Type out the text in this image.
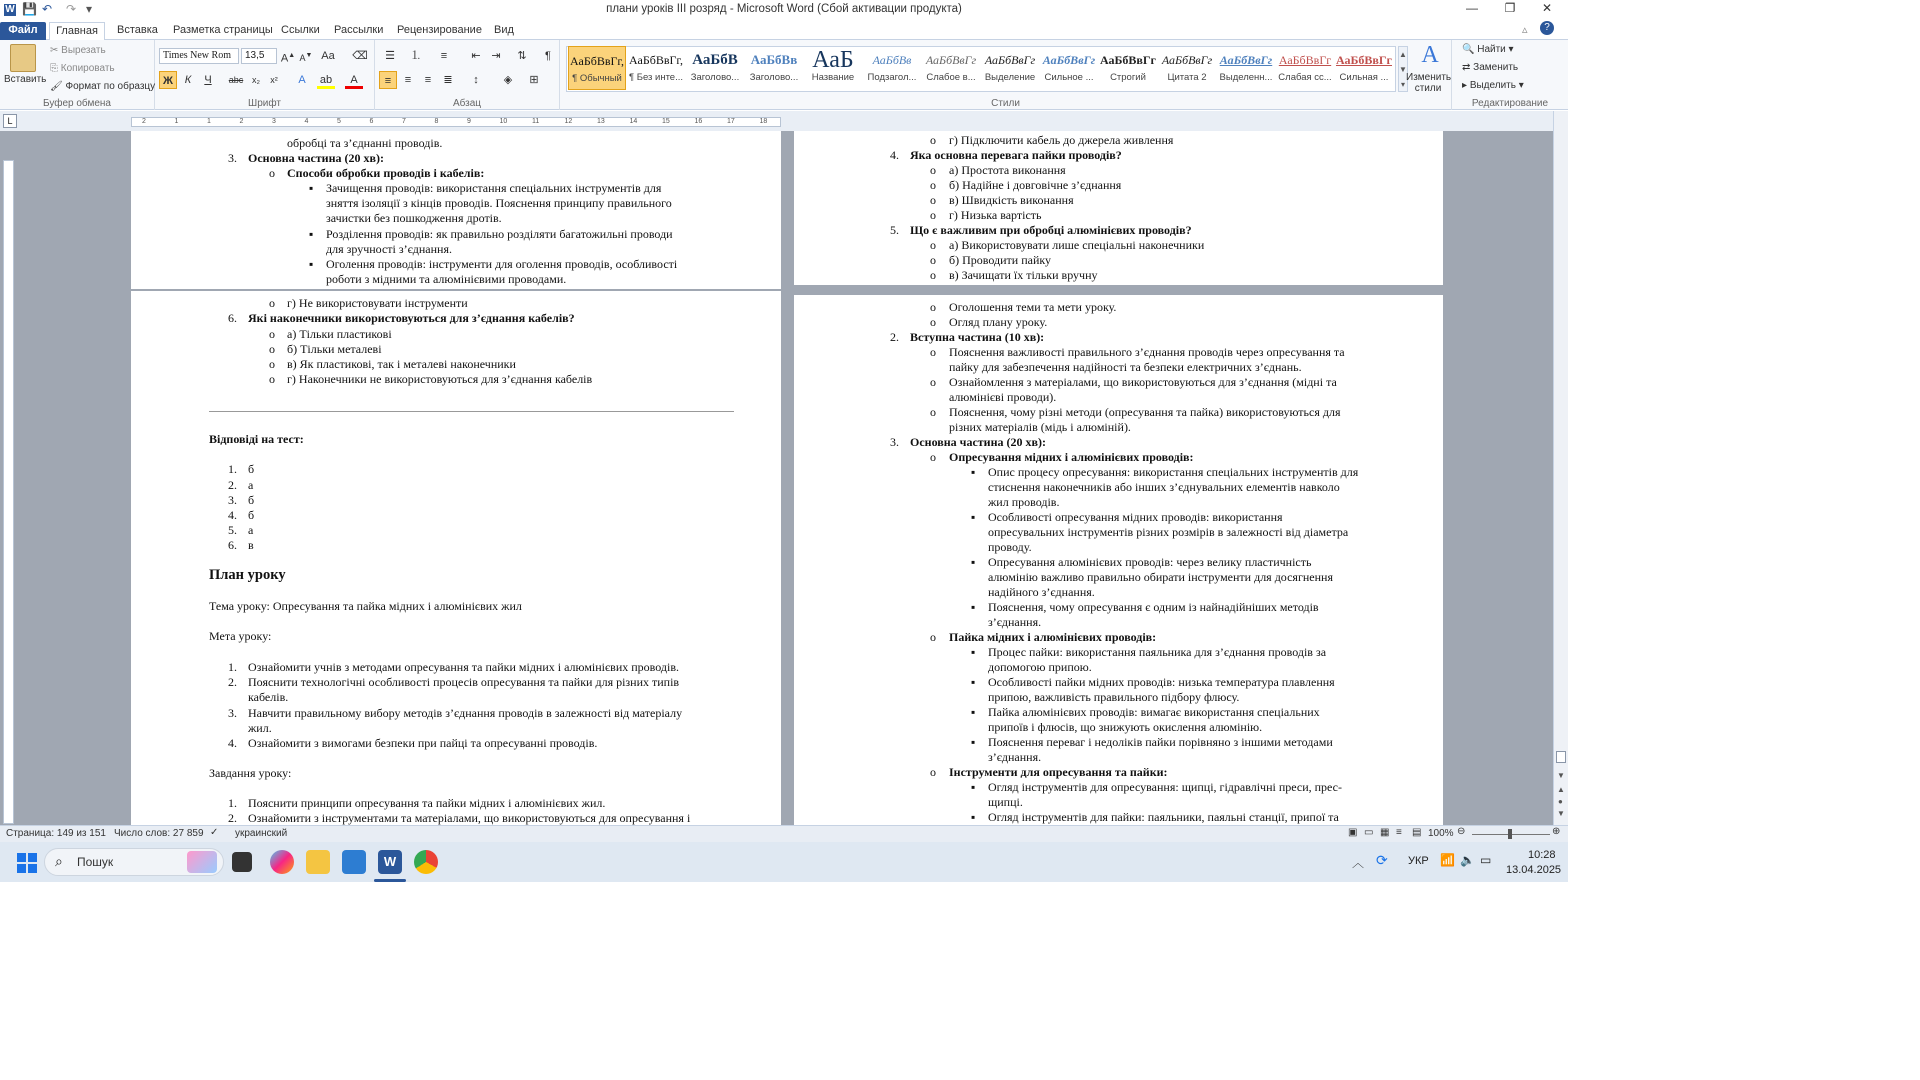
W 💾 ↶ ↷ ▾	плани уроків ІІІ розряд - Microsoft Word (Сбой активации продукта)	—	❐	✕
Файл	Главная	Вставка Разметка страницы Ссылки Рассылки Рецензирование Вид	▵	?
Вставить
✂ Вырезать
⎘ Копировать
🖌 Формат по образцу
Буфер обмена
Times New Rom	13,5	A▲ A▼ Aa ⌫
Ж	К	Ч	abc x₂	x²	A	ab	A
Шрифт
☰	⒈	≡	⇤ ⇥	⇅	¶
≡	≡	≡	≣	↕	◈	⊞
Абзац
АаБбВвГг,
¶ Обычный
АаБбВвГг,
¶ Без инте...
АаБбВ
Заголово...
АаБбВв
Заголово...
АаБ
Название
АаБбВв
Подзагол...
АаБбВвГг
Слабое в...
АаБбВвГг
Выделение
АаБбВвГг
Сильное ...
АаБбВвГг
Строгий
АаБбВвГг
Цитата 2
АаБбВвГг
Выделенн...
АаБбВвГг
Слабая сс...
АаБбВвГг
Сильная ...
▲
▼
▾
A
Изменить стили
Стили
🔍 Найти ▾
⇄ Заменить
▸ Выделить ▾
Редактирование
L	2	1	1	2	3	4	5	6	7	8	9	10	11	12	13	14	15	16	17	18
обробці та з’єднанні проводів.
3. Основна частина (20 хв):
o Способи обробки проводів і кабелів:
▪ Зачищення проводів: використання спеціальних інструментів для
зняття ізоляції з кінців проводів. Пояснення принципу правильного
зачистки без пошкодження дротів.
▪ Розділення проводів: як правильно розділяти багатожильні проводи
для зручності з’єднання.
▪ Оголення проводів: інструменти для оголення проводів, особливості
роботи з мідними та алюмінієвими проводами.
o г) Не використовувати інструменти
6. Які наконечники використовуються для з’єднання кабелів?
o а) Тільки пластикові
o б) Тільки металеві
o в) Як пластикові, так і металеві наконечники
o г) Наконечники не використовуються для з’єднання кабелів
Відповіді на тест:
1. б
2. а
3. б
4. б
5. а
6. в
План уроку
Тема уроку: Опресування та пайка мідних і алюмінієвих жил
Мета уроку:
1. Ознайомити учнів з методами опресування та пайки мідних і алюмінієвих проводів.
2. Пояснити технологічні особливості процесів опресування та пайки для різних типів
кабелів.
3. Навчити правильному вибору методів з’єднання проводів в залежності від матеріалу
жил.
4. Ознайомити з вимогами безпеки при пайці та опресуванні проводів.
Завдання уроку:
1. Пояснити принципи опресування та пайки мідних і алюмінієвих жил.
2. Ознайомити з інструментами та матеріалами, що використовуються для опресування і
o г) Підключити кабель до джерела живлення
4. Яка основна перевага пайки проводів?
o а) Простота виконання
o б) Надійне і довговічне з’єднання
o в) Швидкість виконання
o г) Низька вартість
5. Що є важливим при обробці алюмінієвих проводів?
o а) Використовувати лише спеціальні наконечники
o б) Проводити пайку
o в) Зачищати їх тільки вручну
o Оголошення теми та мети уроку.
o Огляд плану уроку.
2. Вступна частина (10 хв):
o Пояснення важливості правильного з’єднання проводів через опресування та
пайку для забезпечення надійності та безпеки електричних з’єднань.
o Ознайомлення з матеріалами, що використовуються для з’єднання (мідні та
алюмінієві проводи).
o Пояснення, чому різні методи (опресування та пайка) використовуються для
різних матеріалів (мідь і алюміній).
3. Основна частина (20 хв):
o Опресування мідних і алюмінієвих проводів:
▪ Опис процесу опресування: використання спеціальних інструментів для
стиснення наконечників або інших з’єднувальних елементів навколо
жил проводів.
▪ Особливості опресування мідних проводів: використання
опресувальних інструментів різних розмірів в залежності від діаметра
проводу.
▪ Опресування алюмінієвих проводів: через велику пластичність
алюмінію важливо правильно обирати інструменти для досягнення
надійного з’єднання.
▪ Пояснення, чому опресування є одним із найнадійніших методів
з’єднання.
o Пайка мідних і алюмінієвих проводів:
▪ Процес пайки: використання паяльника для з’єднання проводів за
допомогою припою.
▪ Особливості пайки мідних проводів: низька температура плавлення
припою, важливість правильного підбору флюсу.
▪ Пайка алюмінієвих проводів: вимагає використання спеціальних
припоїв і флюсів, що знижують окислення алюмінію.
▪ Пояснення переваг і недоліків пайки порівняно з іншими методами
з’єднання.
o Інструменти для опресування та пайки:
▪ Огляд інструментів для опресування: щипці, гідравлічні преси, прес-
щипці.
▪ Огляд інструментів для пайки: паяльники, паяльні станції, припої та
▼
▲
●
▼
Страница: 149 из 151 Число слов: 27 859 ✓ украинский	▣ ▭ ▦ ≡ ▤ 100% ⊖	⊕
⌕ Пошук	W	︿ ⟳ УКР 📶 🔈 ▭	10:28
13.04.2025
